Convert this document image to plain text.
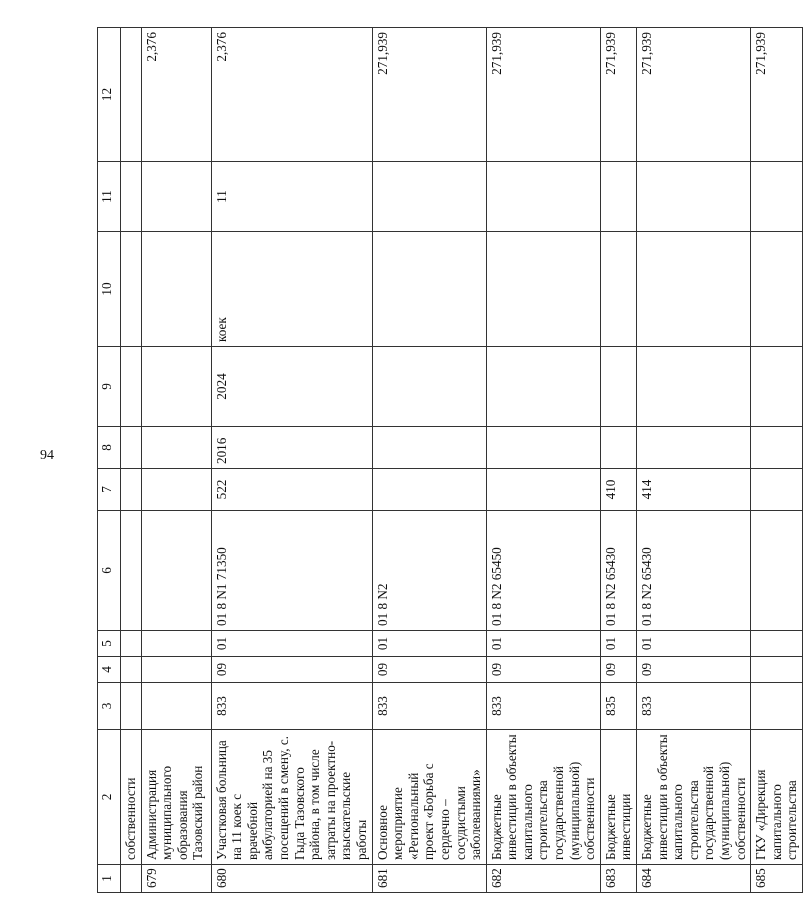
94
1	2	3	4	5	6	7	8	9	10	11	12
	собственности										
679	Администрация муниципального образования Тазовский район										2,376
680	Участковая больница на 11 коек с врачебной амбулаторией на 35 посещений в смену, с. Гыда Тазовского района, в том числе затраты на проектно-изыскательские работы	833	09	01	01 8 N1 71350	522	2016	2024	коек	11	2,376
681	Основное мероприятие «Региональный проект «Борьба с сердечно – сосудистыми заболеваниями»	833	09	01	01 8 N2						271,939
682	Бюджетные инвестиции в объекты капитального строительства государственной (муниципальной) собственности	833	09	01	01 8 N2 65450						271,939
683	Бюджетные инвестиции	835	09	01	01 8 N2 65430	410					271,939
684	Бюджетные инвестиции в объекты капитального строительства государственной (муниципальной) собственности	833	09	01	01 8 N2 65430	414					271,939
685	ГКУ «Дирекция капитального строительства										271,939
